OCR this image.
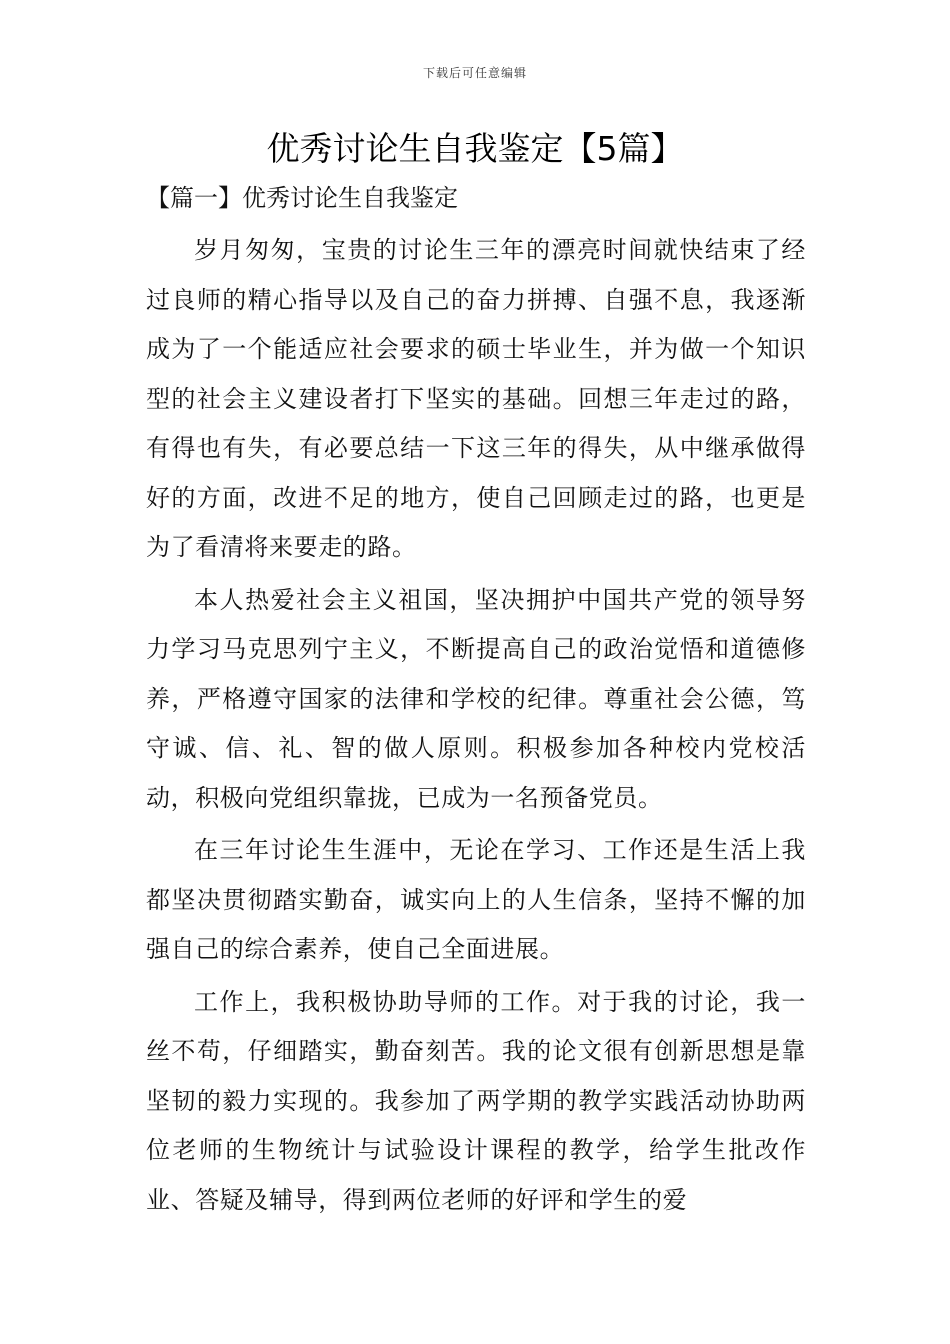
下载后可任意编辑
优秀讨论生自我鉴定【5篇】
【篇一】优秀讨论生自我鉴定

岁月匆匆，宝贵的讨论生三年的漂亮时间就快结束了经过良师的精心指导以及自己的奋力拼搏、自强不息，我逐渐成为了一个能适应社会要求的硕士毕业生，并为做一个知识型的社会主义建设者打下坚实的基础。回想三年走过的路，有得也有失，有必要总结一下这三年的得失，从中继承做得好的方面，改进不足的地方，使自己回顾走过的路，也更是为了看清将来要走的路。

本人热爱社会主义祖国，坚决拥护中国共产党的领导努力学习马克思列宁主义，不断提高自己的政治觉悟和道德修养，严格遵守国家的法律和学校的纪律。尊重社会公德，笃守诚、信、礼、智的做人原则。积极参加各种校内党校活动，积极向党组织靠拢，已成为一名预备党员。

在三年讨论生生涯中，无论在学习、工作还是生活上我都坚决贯彻踏实勤奋，诚实向上的人生信条，坚持不懈的加强自己的综合素养，使自己全面进展。

工作上，我积极协助导师的工作。对于我的讨论，我一丝不苟，仔细踏实，勤奋刻苦。我的论文很有创新思想是靠坚韧的毅力实现的。我参加了两学期的教学实践活动协助两位老师的生物统计与试验设计课程的教学，给学生批改作业、答疑及辅导，得到两位老师的好评和学生的爱
